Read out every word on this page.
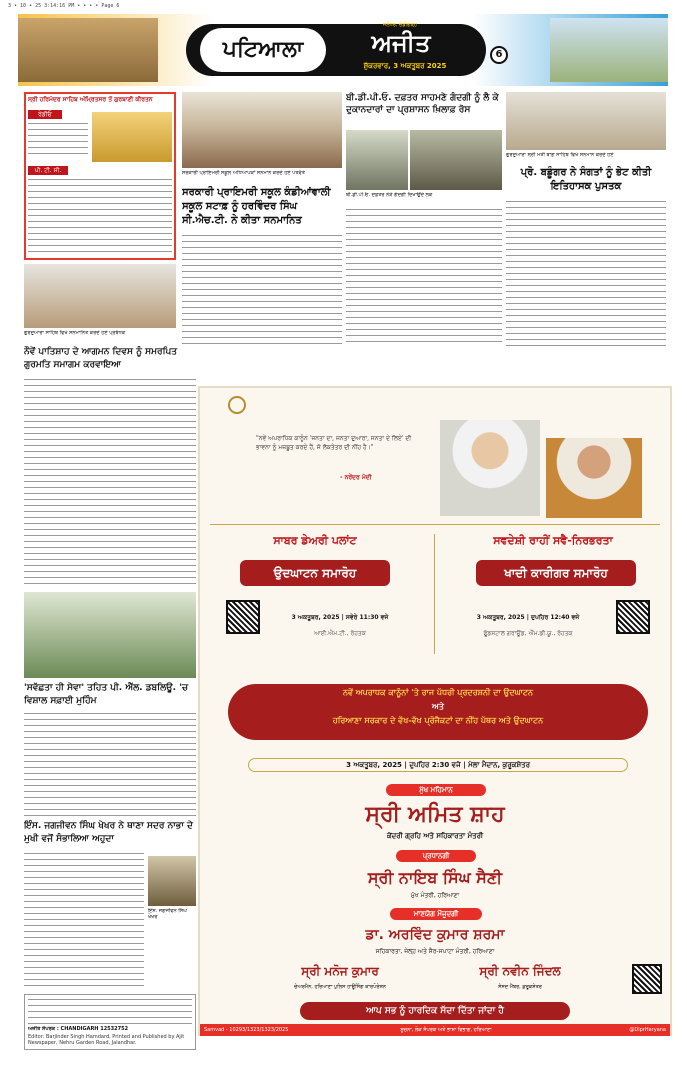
3 • 10 • 25 3:14:16 PM • • • • Page 6
ਪਟਿਆਲਾ
ਜਲੰਧਰ, ਚੰਡੀਗੜ੍ਹ
ਅਜੀਤ
ਸ਼ੁੱਕਰਵਾਰ, 3 ਅਕਤੂਬਰ 2025
6
ਸ੍ਰੀ ਹਰਿਮੰਦਰ ਸਾਹਿਬ ਅੰਮ੍ਰਿਤਸਰ ਤੋਂ ਗੁਰਬਾਣੀ ਕੀਰਤਨ
ਰੇਡੀਓ
ਪੀ. ਟੀ. ਸੀ.	ਸਰਕਾਰੀ ਪ੍ਰਾਇਮਰੀ ਸਕੂਲ ਅਧਿਆਪਕਾਂ ਸਨਮਾਨ ਕਰਦੇ ਹੋਏ ਪਤਵੰਤੇ
ਸਰਕਾਰੀ ਪ੍ਰਾਇਮਰੀ ਸਕੂਲ ਕੰਡੀਆਂਵਾਲੀ ਸਕੂਲ ਸਟਾਫ਼ ਨੂੰ ਹਰਵਿੰਦਰ ਸਿੰਘ ਸੀ.ਐਚ.ਟੀ. ਨੇ ਕੀਤਾ ਸਨਮਾਨਿਤ
ਬੀ.ਡੀ.ਪੀ.ਓ. ਦਫ਼ਤਰ ਸਾਹਮਣੇ ਗੰਦਗੀ ਨੂੰ ਲੈ ਕੇ ਦੁਕਾਨਦਾਰਾਂ ਦਾ ਪ੍ਰਸ਼ਾਸਨ ਖ਼ਿਲਾਫ਼ ਰੋਸ
ਬੀ.ਡੀ.ਪੀ.ਓ. ਦਫ਼ਤਰ ਨੇੜੇ ਗੰਦਗੀ ਦਿਖਾਉਂਦੇ ਲੋਕ
ਗੁਰਦੁਆਰਾ ਸ੍ਰੀ ਮੋਤੀ ਬਾਗ ਸਾਹਿਬ ਵਿਖੇ ਸਨਮਾਨ ਕਰਦੇ ਹੋਏ
ਪ੍ਰੋ. ਬਡੂੰਗਰ ਨੇ ਸੰਗਤਾਂ ਨੂੰ ਭੇਟ ਕੀਤੀ ਇਤਿਹਾਸਕ ਪੁਸਤਕ
ਗੁਰਦੁਆਰਾ ਸਾਹਿਬ ਵਿਖੇ ਸਨਮਾਨਿਤ ਕਰਦੇ ਹੋਏ ਪ੍ਰਬੰਧਕ
ਨੌਵੇਂ ਪਾਤਿਸ਼ਾਹ ਦੇ ਆਗਮਨ ਦਿਵਸ ਨੂੰ ਸਮਰਪਿਤ ਗੁਰਮਤਿ ਸਮਾਗਮ ਕਰਵਾਇਆ
'ਸਵੱਛਤਾ ਹੀ ਸੇਵਾ' ਤਹਿਤ ਪੀ. ਐੱਲ. ਡਬਲਿਊ. 'ਚ ਵਿਸ਼ਾਲ ਸਫ਼ਾਈ ਮੁਹਿੰਮ
ਇੰਸ. ਜਗਜੀਵਨ ਸਿੰਘ ਖੇਖਰ ਨੇ ਥਾਣਾ ਸਦਰ ਨਾਭਾ ਦੇ ਮੁਖੀ ਵਜੋਂ ਸੰਭਾਲਿਆ ਅਹੁਦਾ
ਇੰਸ. ਜਗਜੀਵਨ ਸਿੰਘ ਖੇਖਰ
ਅਜੀਤ ਸੰਪਰਕ : CHANDIGARH 12532752
Editor: Barjinder Singh Hamdard, Printed and Published by Ajit Newspaper, Nehru Garden Road, Jalandhar.
"ਨਵੇਂ ਅਪਰਾਧਿਕ ਕਾਨੂੰਨ 'ਜਨਤਾ ਦਾ, ਜਨਤਾ ਦੁਆਰਾ, ਜਨਤਾ ਦੇ ਲਿਏ' ਦੀ ਭਾਵਨਾ ਨੂੰ ਮਜ਼ਬੂਤ ਕਰਦੇ ਹੈਂ, ਜੋ ਲੋਕਤੰਤਰ ਦੀ ਨੀਂਹ ਹੈ।"
- ਨਰੇਂਦਰ ਮੋਦੀ
ਸਾਬਰ ਡੇਅਰੀ ਪਲਾਂਟ
ਉਦਘਾਟਨ ਸਮਾਰੋਹ
3 ਅਕਤੂਬਰ, 2025 | ਸਵੇਰੇ 11:30 ਵਜੇ
ਆਈ.ਐਮ.ਟੀ., ਰੋਹਤਕ
ਸਵਦੇਸ਼ੀ ਰਾਹੀਂ ਸਵੈ-ਨਿਰਭਰਤਾ
ਖਾਦੀ ਕਾਰੀਗਰ ਸਮਾਰੋਹ
3 ਅਕਤੂਬਰ, 2025 | ਦੁਪਹਿਰ 12:40 ਵਜੇ
ਫੂੱਡਸਟਾਲ ਗਰਾਊਂਡ, ਐੱਮ.ਡੀ.ਯੂ., ਰੋਹਤਕ
ਨਵੇਂ ਅਪਰਾਧਕ ਕਾਨੂੰਨਾਂ 'ਤੇ ਰਾਜ ਪੱਧਰੀ ਪ੍ਰਦਰਸ਼ਨੀ ਦਾ ਉਦਘਾਟਨ
ਅਤੇ
ਹਰਿਆਣਾ ਸਰਕਾਰ ਦੇ ਵੱਖ-ਵੱਖ ਪ੍ਰੋਜੈਕਟਾਂ ਦਾ ਨੀਂਹ ਪੱਥਰ ਅਤੇ ਉਦਘਾਟਨ
3 ਅਕਤੂਬਰ, 2025 | ਦੁਪਹਿਰ 2:30 ਵਜੇ | ਮੇਲਾ ਮੈਦਾਨ, ਕੁਰੂਕਸ਼ੇਤਰ
ਮੁੱਖ ਮਹਿਮਾਨ
ਸ੍ਰੀ ਅਮਿਤ ਸ਼ਾਹ
ਕੇਂਦਰੀ ਗ੍ਰਹਿ ਅਤੇ ਸਹਿਕਾਰਤਾ ਮੰਤਰੀ
ਪ੍ਰਧਾਨਗੀ
ਸ੍ਰੀ ਨਾਇਬ ਸਿੰਘ ਸੈਣੀ
ਮੁੱਖ ਮੰਤਰੀ, ਹਰਿਆਣਾ
ਮਾਣਯੋਗ ਮੌਜੂਦਗੀ
ਡਾ. ਅਰਵਿੰਦ ਕੁਮਾਰ ਸ਼ਰਮਾ
ਸਹਿਕਾਰਤਾ, ਜੇਲ੍ਹ ਅਤੇ ਸੈਰ-ਸਪਾਟਾ ਮੰਤਰੀ, ਹਰਿਆਣਾ
ਸ੍ਰੀ ਮਨੋਜ ਕੁਮਾਰ
ਚੇਅਰਮੈਨ, ਹਰਿਆਣਾ ਪੁਲਿਸ ਹਾਊਸਿੰਗ ਕਾਰਪੋਰੇਸ਼ਨ
ਸ੍ਰੀ ਨਵੀਨ ਜਿੰਦਲ
ਸੰਸਦ ਮੈਂਬਰ, ਕੁਰੂਕਸ਼ੇਤਰ
ਆਪ ਸਭ ਨੂੰ ਹਾਰਦਿਕ ਸੱਦਾ ਦਿੱਤਾ ਜਾਂਦਾ ਹੈ
Samvad - 10293/1323/1323/2025	ਸੂਚਨਾ, ਲੋਕ ਸੰਪਰਕ ਅਤੇ ਭਾਸ਼ਾ ਵਿਭਾਗ, ਹਰਿਆਣਾ	@DiprHaryana
